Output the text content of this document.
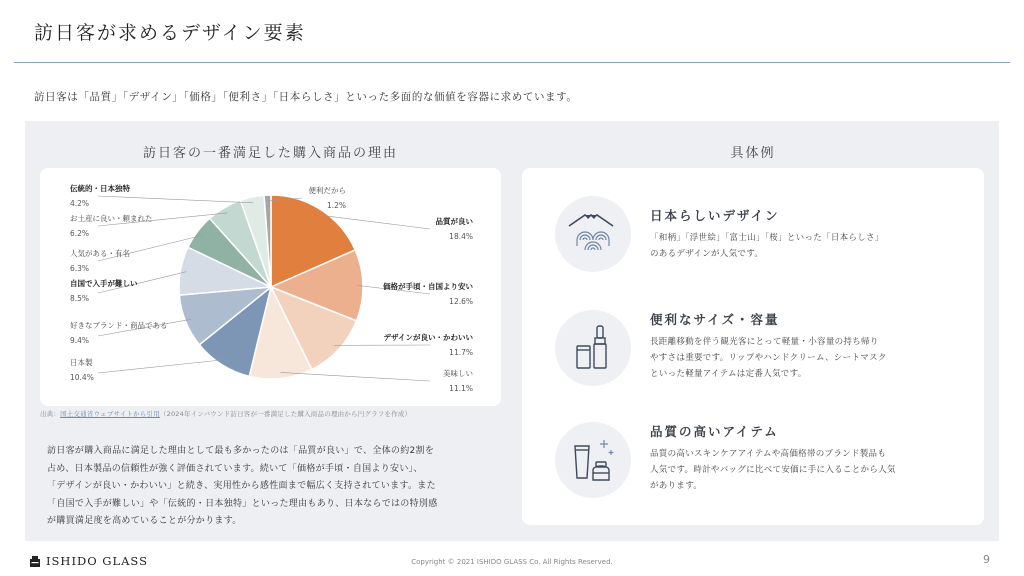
訪日客が求めるデザイン要素
訪日客は「品質」「デザイン」「価格」「便利さ」「日本らしさ」といった多面的な価値を容器に求めています。
訪日客の一番満足した購入商品の理由
便利だから
1.2%
品質が良い
18.4%
価格が手頃・自国より安い
12.6%
デザインが良い・かわいい
11.7%
美味しい
11.1%
伝統的・日本独特
4.2%
お土産に良い・頼まれた
6.2%
人気がある・有名
6.3%
自国で入手が難しい
8.5%
好きなブランド・商品である
9.4%
日本製
10.4%
出典：国土交通省ウェブサイトから引用（2024年インバウンド訪日客が一番満足した購入商品の理由から円グラフを作成）
訪日客が購入商品に満足した理由として最も多かったのは「品質が良い」で、全体の約2割を
占め、日本製品の信頼性が強く評価されています。続いて「価格が手頃・自国より安い」、
「デザインが良い・かわいい」と続き、実用性から感性面まで幅広く支持されています。また
「自国で入手が難しい」や「伝統的・日本独特」といった理由もあり、日本ならではの特別感
が購買満足度を高めていることが分かります。
具体例
日本らしいデザイン
「和柄」「浮世絵」「富士山」「桜」といった「日本らしさ」
のあるデザインが人気です。
便利なサイズ・容量
長距離移動を伴う観光客にとって軽量・小容量の持ち帰り
やすさは重要です。リップやハンドクリーム、シートマスク
といった軽量アイテムは定番人気です。
品質の高いアイテム
品質の高いスキンケアアイテムや高価格帯のブランド製品も
人気です。時計やバッグに比べて安価に手に入ることから人気
があります。
ISHIDO GLASS	Copyright © 2021 ISHIDO GLASS Co. All Rights Reserved.	9
